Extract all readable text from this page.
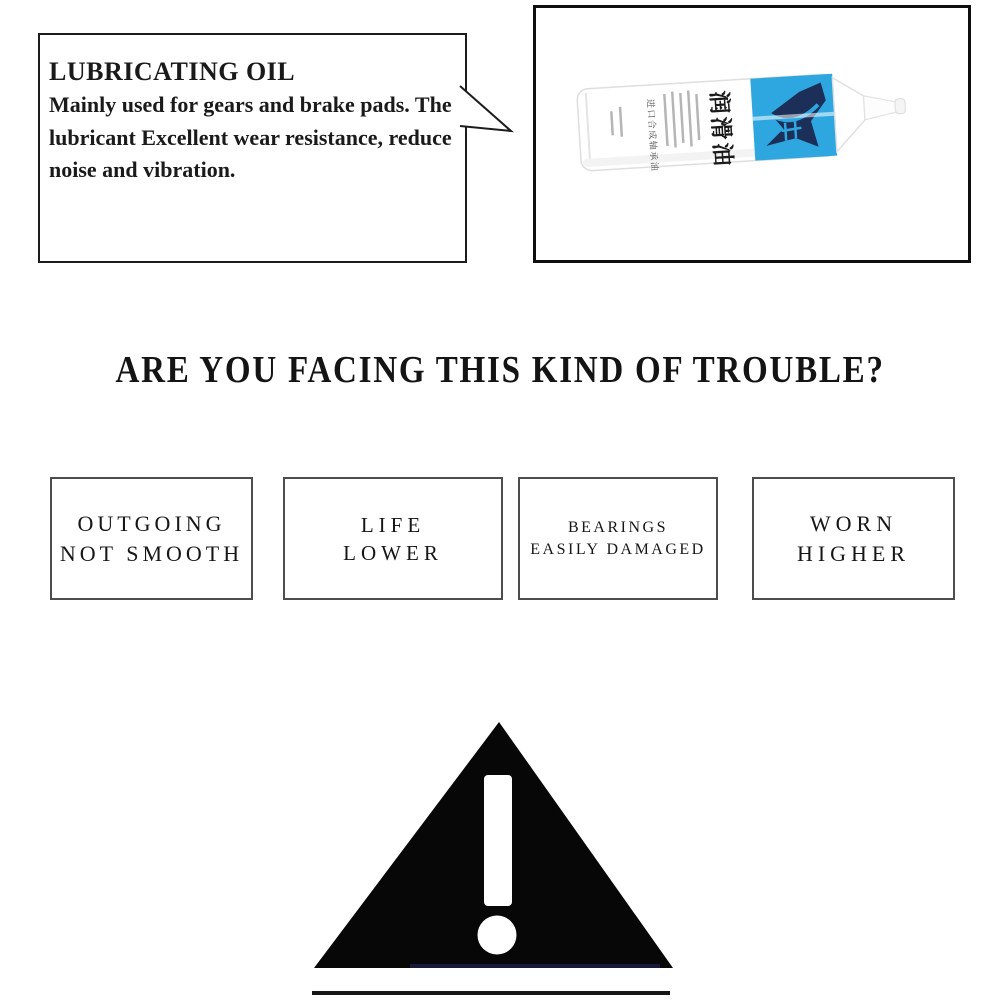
LUBRICATING OIL
Mainly used for gears and brake pads. The
lubricant Excellent wear resistance, reduce
noise and vibration.	进口合成轴承油 润
滑
油
ARE YOU FACING THIS KIND OF TROUBLE?
OUTGOING
NOT SMOOTH
LIFE
LOWER
BEARINGS
EASILY DAMAGED
WORN
HIGHER
